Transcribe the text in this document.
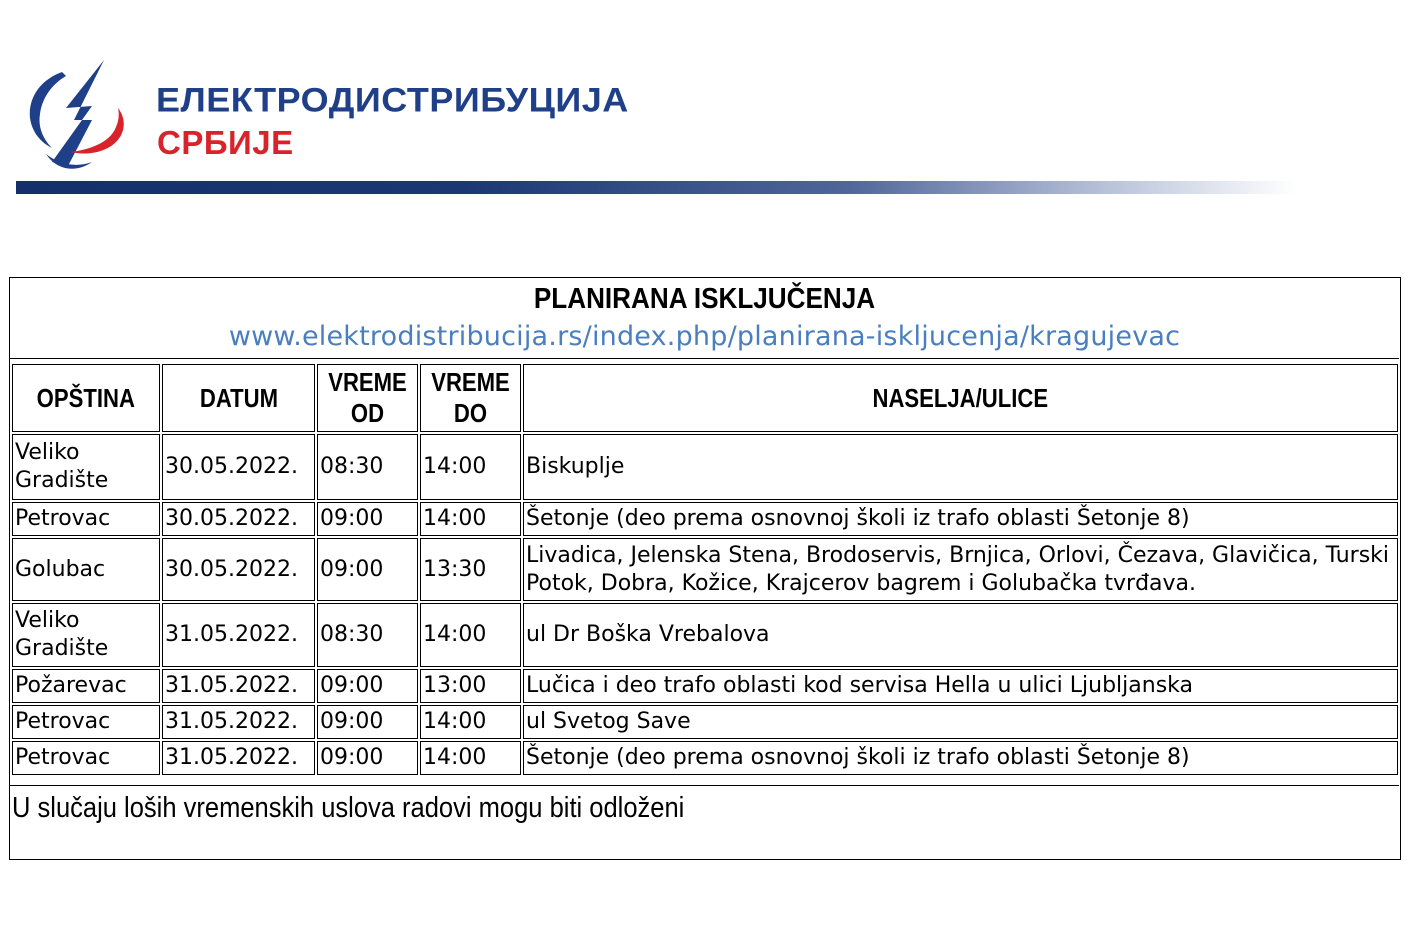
ЕЛЕКТРОДИСТРИБУЦИЈА
СРБИЈЕ
PLANIRANA ISKLJUČENJA
www.elektrodistribucija.rs/index.php/planirana-iskljucenja/kragujevac
OPŠTINA	DATUM	VREME OD	VREME DO	NASELJA/ULICE
Veliko Gradište	30.05.2022.	08:30	14:00	Biskuplje
Petrovac	30.05.2022.	09:00	14:00	Šetonje (deo prema osnovnoj školi iz trafo oblasti Šetonje 8)
Golubac	30.05.2022.	09:00	13:30	Livadica, Jelenska Stena, Brodoservis, Brnjica, Orlovi, Čezava, Glavičica, Turski Potok, Dobra, Kožice, Krajcerov bagrem i Golubačka tvrđava.
Veliko Gradište	31.05.2022.	08:30	14:00	ul Dr Boška Vrebalova
Požarevac	31.05.2022.	09:00	13:00	Lučica i deo trafo oblasti kod servisa Hella u ulici Ljubljanska
Petrovac	31.05.2022.	09:00	14:00	ul Svetog Save
Petrovac	31.05.2022.	09:00	14:00	Šetonje (deo prema osnovnoj školi iz trafo oblasti Šetonje 8)
U slučaju loših vremenskih uslova radovi mogu biti odloženi
